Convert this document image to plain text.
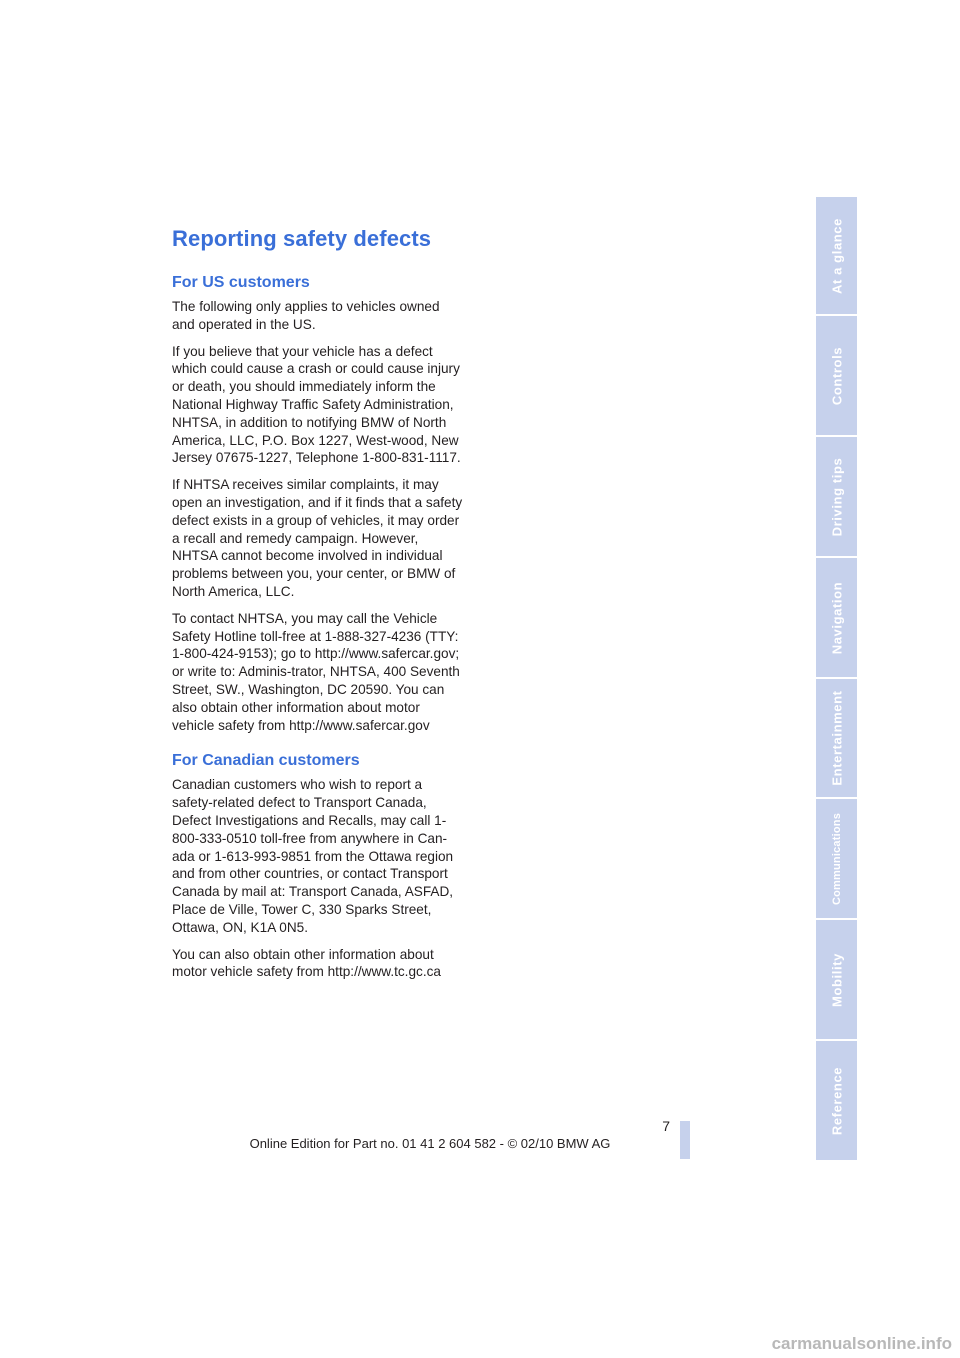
Reporting safety defects
For US customers

The following only applies to vehicles owned and operated in the US.

If you believe that your vehicle has a defect which could cause a crash or could cause injury or death, you should immediately inform the National Highway Traffic Safety Administration, NHTSA, in addition to notifying BMW of North America, LLC, P.O. Box 1227, West-wood, New Jersey 07675-1227, Telephone 1-800-831-1117.

If NHTSA receives similar complaints, it may open an investigation, and if it finds that a safety defect exists in a group of vehicles, it may order a recall and remedy campaign. However, NHTSA cannot become involved in individual problems between you, your center, or BMW of North America, LLC.

To contact NHTSA, you may call the Vehicle Safety Hotline toll-free at 1-888-327-4236 (TTY: 1-800-424-9153); go to http://www.safercar.gov; or write to: Adminis-trator, NHTSA, 400 Seventh Street, SW., Washington, DC 20590. You can also obtain other information about motor vehicle safety from http://www.safercar.gov

For Canadian customers

Canadian customers who wish to report a safety-related defect to Transport Canada, Defect Investigations and Recalls, may call 1-800-333-0510 toll-free from anywhere in Can-ada or 1-613-993-9851 from the Ottawa region and from other countries, or contact Transport Canada by mail at: Transport Canada, ASFAD, Place de Ville, Tower C, 330 Sparks Street, Ottawa, ON, K1A 0N5.

You can also obtain other information about motor vehicle safety from http://www.tc.gc.ca

At a glance
Controls
Driving tips
Navigation
Entertainment
Communications
Mobility
Reference
7
Online Edition for Part no. 01 41 2 604 582 - © 02/10 BMW AG
carmanualsonline.info
